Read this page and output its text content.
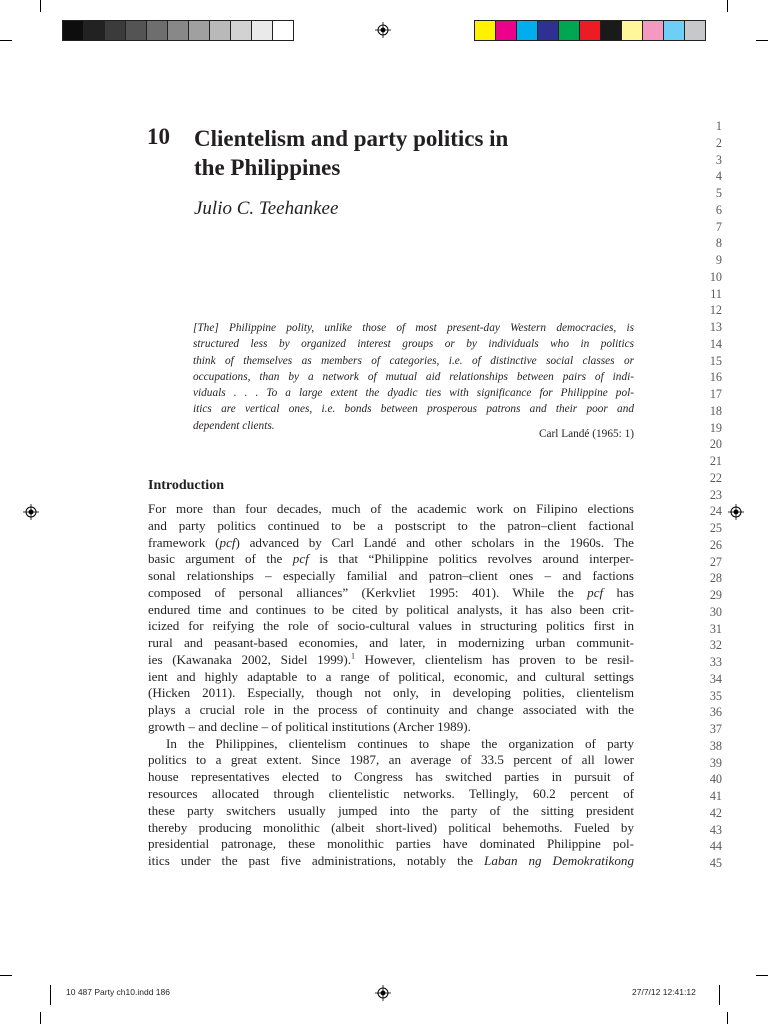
1
2
3
4
5
6
7
8
9
10
11
12
13
14
15
16
17
18
19
20
21
22
23
24
25
26
27
28
29
30
31
32
33
34
35
36
37
38
39
40
41
42
43
44
45
10 Clientelism and party politics in
the Philippines
Julio C. Teehankee
[The] Philippine polity, unlike those of most present-day Western democracies, is
structured less by organized interest groups or by individuals who in politics
think of themselves as members of categories, i.e. of distinctive social classes or
occupations, than by a network of mutual aid relationships between pairs of indi-
viduals . . . To a large extent the dyadic ties with significance for Philippine pol-
itics are vertical ones, i.e. bonds between prosperous patrons and their poor and
dependent clients.
Carl Landé (1965: 1)
Introduction
For more than four decades, much of the academic work on Filipino elections
and party politics continued to be a postscript to the patron–client factional
framework (pcf) advanced by Carl Landé and other scholars in the 1960s. The
basic argument of the pcf is that “Philippine politics revolves around interper-
sonal relationships – especially familial and patron–client ones – and factions
composed of personal alliances” (Kerkvliet 1995: 401). While the pcf has
endured time and continues to be cited by political analysts, it has also been crit-
icized for reifying the role of socio-cultural values in structuring politics first in
rural and peasant-based economies, and later, in modernizing urban communit-
ies (Kawanaka 2002, Sidel 1999).$^1$ However, clientelism has proven to be resil-
ient and highly adaptable to a range of political, economic, and cultural settings
(Hicken 2011). Especially, though not only, in developing polities, clientelism
plays a crucial role in the process of continuity and change associated with the
growth – and decline – of political institutions (Archer 1989).
In the Philippines, clientelism continues to shape the organization of party
politics to a great extent. Since 1987, an average of 33.5 percent of all lower
house representatives elected to Congress has switched parties in pursuit of
resources allocated through clientelistic networks. Tellingly, 60.2 percent of
these party switchers usually jumped into the party of the sitting president
thereby producing monolithic (albeit short-lived) political behemoths. Fueled by
presidential patronage, these monolithic parties have dominated Philippine pol-
itics under the past five administrations, notably the Laban ng Demokratikong
10 487 Party ch10.indd 186	27/7/12 12:41:12
